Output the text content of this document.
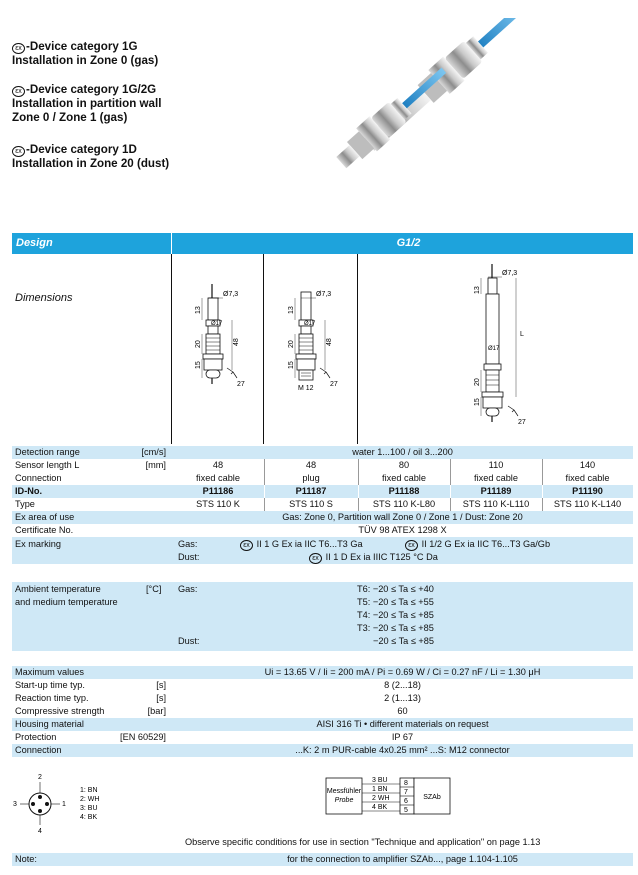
εx -Device category 1G
Installation in Zone 0 (gas)
εx -Device category 1G/2G
Installation in partition wall
Zone 0 / Zone 1 (gas)
εx -Device category 1D
Installation in Zone 20 (dust)
Design	G1/2
Dimensions	Ø7,3
Ø17
13
20
15
48
27
Ø7,3
Ø17
13
20
15
48
27
M 12
Ø7,3
Ø17
13
20
15
L
27
Detection range	[cm/s]	water 1...100 / oil 3...200
Sensor length L	[mm]	48	48	80	110	140
Connection	fixed cable	plug	fixed cable	fixed cable	fixed cable
ID-No.	P11186	P11187	P11188	P11189	P11190
Type	STS 110 K	STS 110 S	STS 110 K-L80	STS 110 K-L110	STS 110 K-L140
Ex area of use	Gas: Zone 0, Partition wall Zone 0 / Zone 1 / Dust: Zone 20
Certificate No.	TÜV 98 ATEX 1298 X
Ex marking	Gas:	εx II 1 G Ex ia IIC T6...T3 Ga	εx II 1/2 G Ex ia IIC T6...T3 Ga/Gb
Dust:	εx II 1 D Ex ia IIIC T125 °C Da
Ambient temperature
and medium temperature
[°C] Gas:	T6: −20 ≤ Ta ≤ +40
T5: −20 ≤ Ta ≤ +55
T4: −20 ≤ Ta ≤ +85
T3: −20 ≤ Ta ≤ +85
Dust:	−20 ≤ Ta ≤ +85
Maximum values	Ui = 13.65 V / Ii = 200 mA / Pi = 0.69 W / Ci = 0.27 nF / Li = 1.30 μH
Start-up time typ.	[s]	8 (2...18)
Reaction time typ.	[s]	2 (1...13)
Compressive strength	[bar]	60
Housing material	AISI 316 Ti • different materials on request
Protection	[EN 60529]	IP 67
Connection	...K: 2 m PUR-cable 4x0.25 mm² ...S: M12 connector
2
1
3
4
1: BN
2: WH
3: BU
4: BK
Messfühler
Probe
3 BU
1 BN
2 WH
4 BK
8
7
6
5
SZAb
Observe specific conditions for use in section "Technique and application" on page 1.13
Note:	for the connection to amplifier SZAb..., page 1.104-1.105
